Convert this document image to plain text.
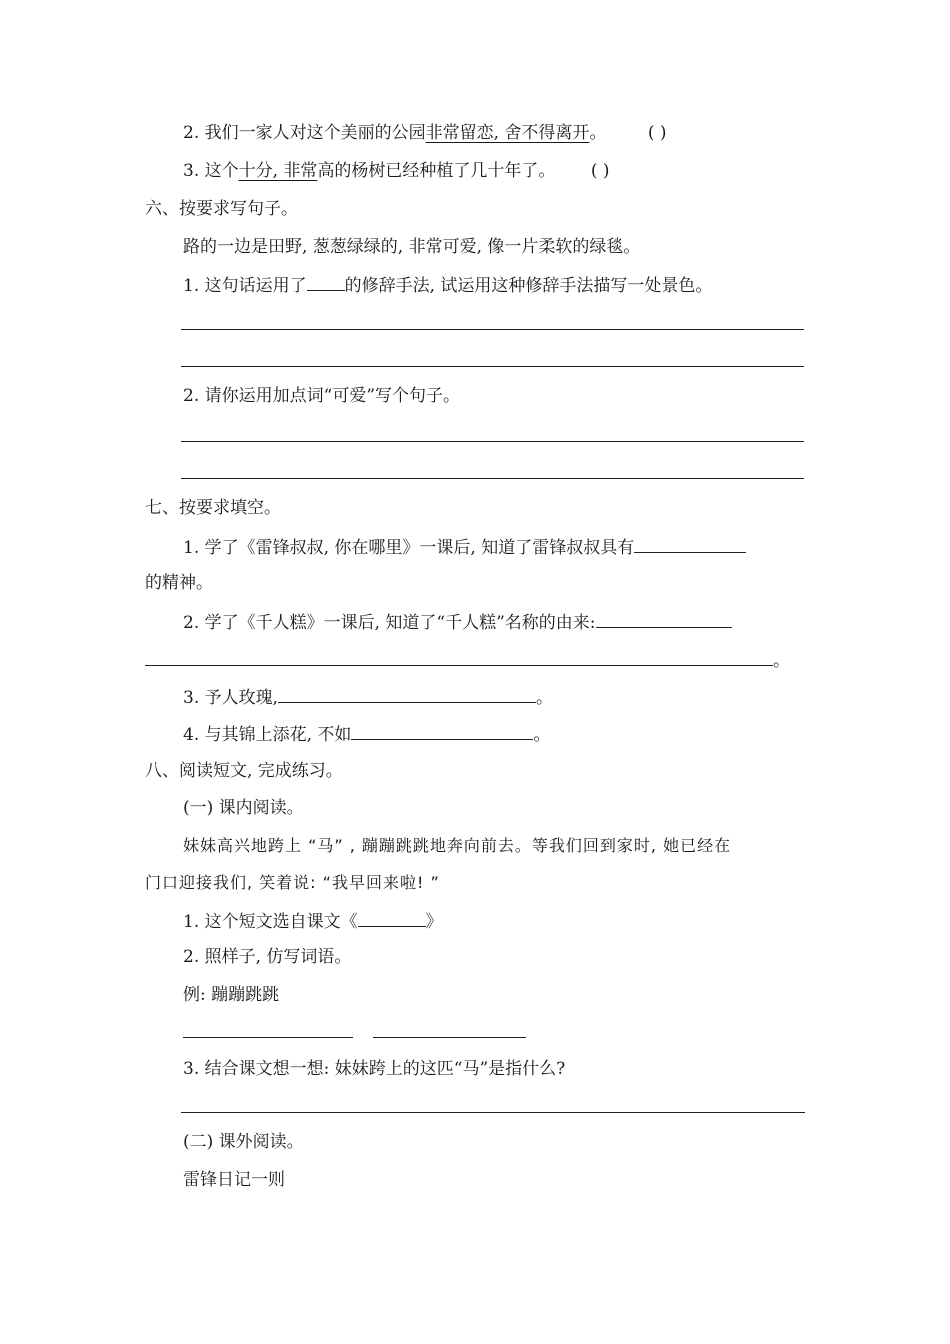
2. 我们一家人对这个美丽的公园非常留恋, 舍不得离开。 ( )
3. 这个十分, 非常高的杨树已经种植了几十年了。 ( )
六、按要求写句子。
路的一边是田野, 葱葱绿绿的, 非常可爱, 像一片柔软的绿毯。
1. 这句话运用了 的修辞手法, 试运用这种修辞手法描写一处景色。
2. 请你运用加点词“可爱”写个句子。
七、按要求填空。
1. 学了《雷锋叔叔, 你在哪里》一课后, 知道了雷锋叔叔具有
的精神。
2. 学了《千人糕》一课后, 知道了“千人糕”名称的由来:
。
3. 予人玫瑰,	。
4. 与其锦上添花, 不如	。
八、阅读短文, 完成练习。
(一) 课内阅读。
妹妹高兴地跨上 “马” , 蹦蹦跳跳地奔向前去。等我们回到家时, 她已经在
门口迎接我们, 笑着说: “我早回来啦! ”
1. 这个短文选自课文《	》
2. 照样子, 仿写词语。
例: 蹦蹦跳跳
3. 结合课文想一想: 妹妹跨上的这匹“马”是指什么?
(二) 课外阅读。
雷锋日记一则
